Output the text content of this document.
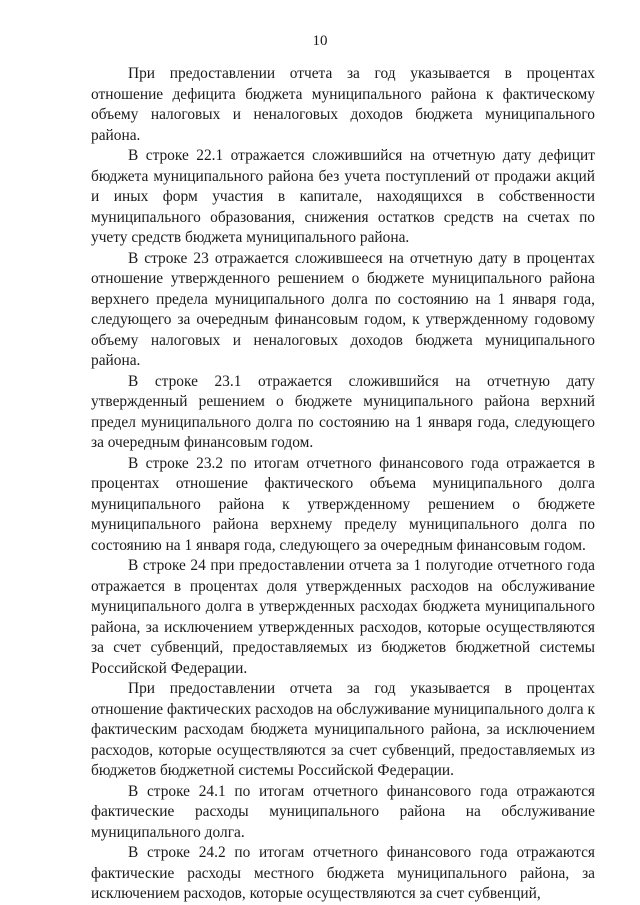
10

При предоставлении отчета за год указывается в процентах отношение дефицита бюджета муниципального района к фактическому объему налоговых и неналоговых доходов бюджета муниципального района.

В строке 22.1 отражается сложившийся на отчетную дату дефицит бюджета муниципального района без учета поступлений от продажи акций и иных форм участия в капитале, находящихся в собственности муниципального образования, снижения остатков средств на счетах по учету средств бюджета муниципального района.

В строке 23 отражается сложившееся на отчетную дату в процентах отношение утвержденного решением о бюджете муниципального района верхнего предела муниципального долга по состоянию на 1 января года, следующего за очередным финансовым годом, к утвержденному годовому объему налоговых и неналоговых доходов бюджета муниципального района.

В строке 23.1 отражается сложившийся на отчетную дату утвержденный решением о бюджете муниципального района верхний предел муниципального долга по состоянию на 1 января года, следующего за очередным финансовым годом.

В строке 23.2 по итогам отчетного финансового года отражается в процентах отношение фактического объема муниципального долга муниципального района к утвержденному решением о бюджете муниципального района верхнему пределу муниципального долга по состоянию на 1 января года, следующего за очередным финансовым годом.

В строке 24 при предоставлении отчета за 1 полугодие отчетного года отражается в процентах доля утвержденных расходов на обслуживание муниципального долга в утвержденных расходах бюджета муниципального района, за исключением утвержденных расходов, которые осуществляются за счет субвенций, предоставляемых из бюджетов бюджетной системы Российской Федерации.

При предоставлении отчета за год указывается в процентах отношение фактических расходов на обслуживание муниципального долга к фактическим расходам бюджета муниципального района, за исключением расходов, которые осуществляются за счет субвенций, предоставляемых из бюджетов бюджетной системы Российской Федерации.

В строке 24.1 по итогам отчетного финансового года отражаются фактические расходы муниципального района на обслуживание муниципального долга.

В строке 24.2 по итогам отчетного финансового года отражаются фактические расходы местного бюджета муниципального района, за исключением расходов, которые осуществляются за счет субвенций,
